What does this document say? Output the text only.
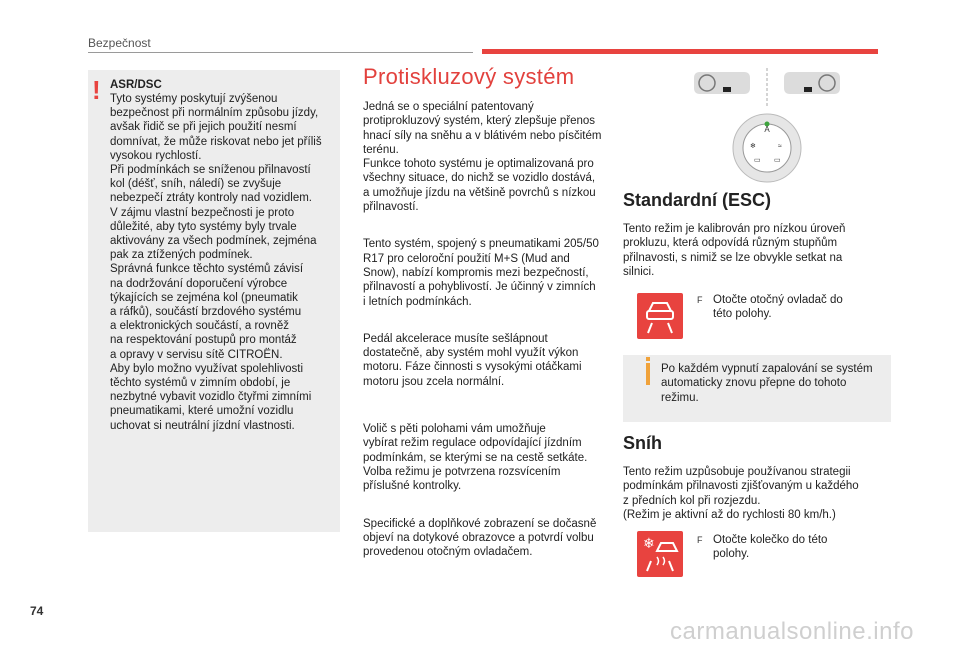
Bezpečnost
ASR/DSC
Tyto systémy poskytují zvýšenou
bezpečnost při normálním způsobu jízdy,
avšak řidič se při jejich použití nesmí
domnívat, že může riskovat nebo jet příliš
vysokou rychlostí.
Při podmínkách se sníženou přilnavostí
kol (déšť, sníh, náledí) se zvyšuje
nebezpečí ztráty kontroly nad vozidlem.
V zájmu vlastní bezpečnosti je proto
důležité, aby tyto systémy byly trvale
aktivovány za všech podmínek, zejména
pak za ztížených podmínek.
Správná funkce těchto systémů závisí
na dodržování doporučení výrobce
týkajících se zejména kol (pneumatik
a ráfků), součástí brzdového systému
a elektronických součástí, a rovněž
na respektování postupů pro montáž
a opravy v servisu sítě CITROËN.
Aby bylo možno využívat spolehlivosti
těchto systémů v zimním období, je
nezbytné vybavit vozidlo čtyřmi zimními
pneumatikami, které umožní vozidlu
uchovat si neutrální jízdní vlastnosti.
!	Protiskluzový systém

Jedná se o speciální patentovaný
protiprokluzový systém, který zlepšuje přenos
hnací síly na sněhu a v blátivém nebo písčitém
terénu.
Funkce tohoto systému je optimalizovaná pro
všechny situace, do nichž se vozidlo dostává,
a umožňuje jízdu na většině povrchů s nízkou
přilnavostí.

Tento systém, spojený s pneumatikami 205/50
R17 pro celoroční použití M+S (Mud and
Snow), nabízí kompromis mezi bezpečností,
přilnavostí a pohyblivostí. Je účinný v zimních
i letních podmínkách.

Pedál akcelerace musíte sešlápnout
dostatečně, aby systém mohl využít výkon
motoru. Fáze činnosti s vysokými otáčkami
motoru jsou zcela normální.

Volič s pěti polohami vám umožňuje
vybírat režim regulace odpovídající jízdním
podmínkám, se kterými se na cestě setkáte.
Volba režimu je potvrzena rozsvícením
příslušné kontrolky.

Specifické a doplňkové zobrazení se dočasně
objeví na dotykové obrazovce a potvrdí volbu
provedenou otočným ovladačem.

A
❄	≈
▭ ▭
Standardní (ESC)
Tento režim je kalibrován pro nízkou úroveň
prokluzu, která odpovídá různým stupňům
přilnavosti, s nimiž se lze obvykle setkat na
silnici.
F Otočte otočný ovladač do této polohy.
Po každém vypnutí zapalování se systém automaticky znovu přepne do tohoto režimu.
Sníh
Tento režim uzpůsobuje používanou strategii
podmínkám přilnavosti zjišťovaným u každého
z předních kol při rozjezdu.
(Režim je aktivní až do rychlosti 80 km/h.)
❄	F Otočte kolečko do této polohy.
74
carmanualsonline.info
